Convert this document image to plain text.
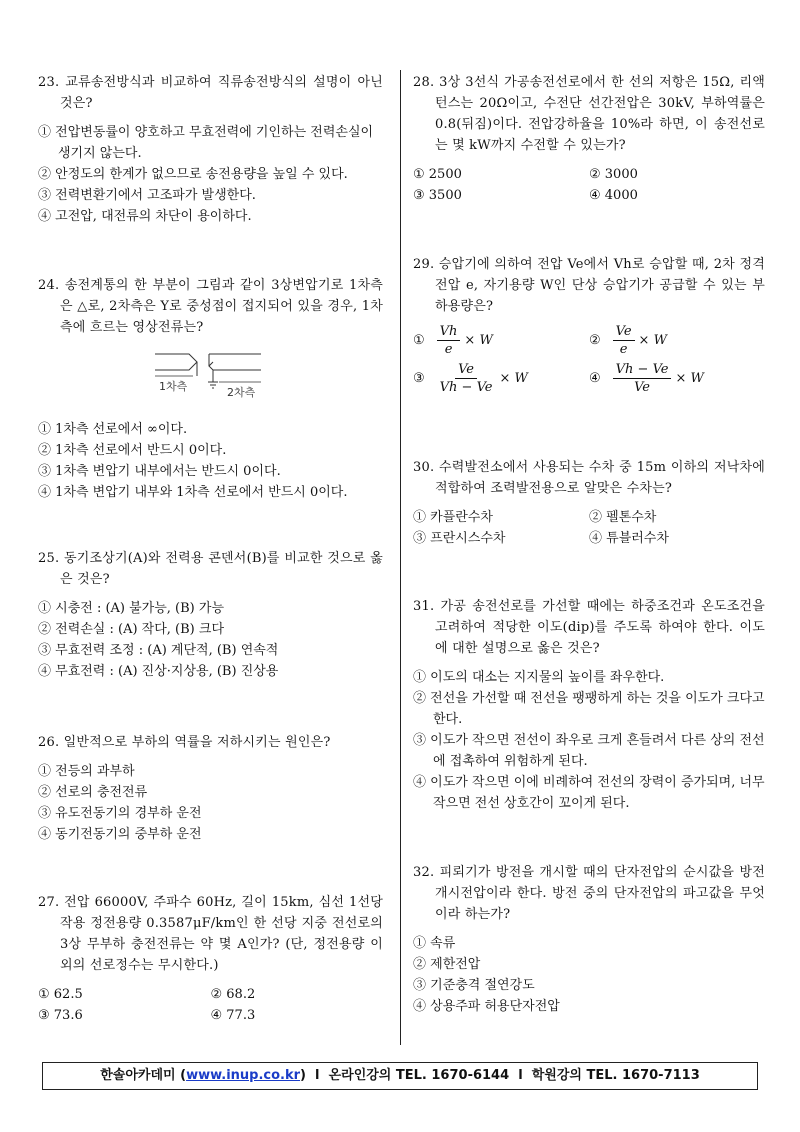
23. 교류송전방식과 비교하여 직류송전방식의 설명이 아닌 것은?
① 전압변동률이 양호하고 무효전력에 기인하는 전력손실이 생기지 않는다.
② 안정도의 한계가 없으므로 송전용량을 높일 수 있다.
③ 전력변환기에서 고조파가 발생한다.
④ 고전압, 대전류의 차단이 용이하다.
24. 송전계통의 한 부분이 그림과 같이 3상변압기로 1차측은 △로, 2차측은 Y로 중성점이 접지되어 있을 경우, 1차측에 흐르는 영상전류는?
1차측	2차측
① 1차측 선로에서 ∞이다.
② 1차측 선로에서 반드시 0이다.
③ 1차측 변압기 내부에서는 반드시 0이다.
④ 1차측 변압기 내부와 1차측 선로에서 반드시 0이다.
25. 동기조상기(A)와 전력용 콘덴서(B)를 비교한 것으로 옳은 것은?
① 시충전 : (A) 불가능, (B) 가능
② 전력손실 : (A) 작다, (B) 크다
③ 무효전력 조정 : (A) 계단적, (B) 연속적
④ 무효전력 : (A) 진상·지상용, (B) 진상용
26. 일반적으로 부하의 역률을 저하시키는 원인은?
① 전등의 과부하
② 선로의 충전전류
③ 유도전동기의 경부하 운전
④ 동기전동기의 중부하 운전
27. 전압 66000V, 주파수 60Hz, 길이 15km, 심선 1선당 작용 정전용량 0.3587μF/km인 한 선당 지중 전선로의 3상 무부하 충전전류는 약 몇 A인가? (단, 정전용량 이외의 선로정수는 무시한다.)
① 62.5	② 68.2
③ 73.6	④ 77.3
28. 3상 3선식 가공송전선로에서 한 선의 저항은 15Ω, 리액턴스는 20Ω이고, 수전단 선간전압은 30kV, 부하역률은 0.8(뒤짐)이다. 전압강하율을 10%라 하면, 이 송전선로는 몇 kW까지 수전할 수 있는가?
① 2500	② 3000
③ 3500	④ 4000
29. 승압기에 의하여 전압 Ve에서 Vh로 승압할 때, 2차 정격전압 e, 자기용량 W인 단상 승압기가 공급할 수 있는 부하용량은?
① $\frac{Vh}{e} \times W$	② $\frac{Ve}{e} \times W$
③ $\frac{Ve}{Vh - Ve} \times W$	④ $\frac{Vh - Ve}{Ve} \times W$
30. 수력발전소에서 사용되는 수차 중 15m 이하의 저낙차에 적합하여 조력발전용으로 알맞은 수차는?
① 카플란수차	② 펠톤수차
③ 프란시스수차	④ 튜블러수차
31. 가공 송전선로를 가선할 때에는 하중조건과 온도조건을 고려하여 적당한 이도(dip)를 주도록 하여야 한다. 이도에 대한 설명으로 옳은 것은?
① 이도의 대소는 지지물의 높이를 좌우한다.
② 전선을 가선할 때 전선을 팽팽하게 하는 것을 이도가 크다고 한다.
③ 이도가 작으면 전선이 좌우로 크게 흔들려서 다른 상의 전선에 접촉하여 위험하게 된다.
④ 이도가 작으면 이에 비례하여 전선의 장력이 증가되며, 너무 작으면 전선 상호간이 꼬이게 된다.
32. 피뢰기가 방전을 개시할 때의 단자전압의 순시값을 방전 개시전압이라 한다. 방전 중의 단자전압의 파고값을 무엇이라 하는가?
① 속류
② 제한전압
③ 기준충격 절연강도
④ 상용주파 허용단자전압
한솔아카데미 (www.inup.co.kr)  l 온라인강의 TEL. 1670-6144 l 학원강의 TEL. 1670-7113
